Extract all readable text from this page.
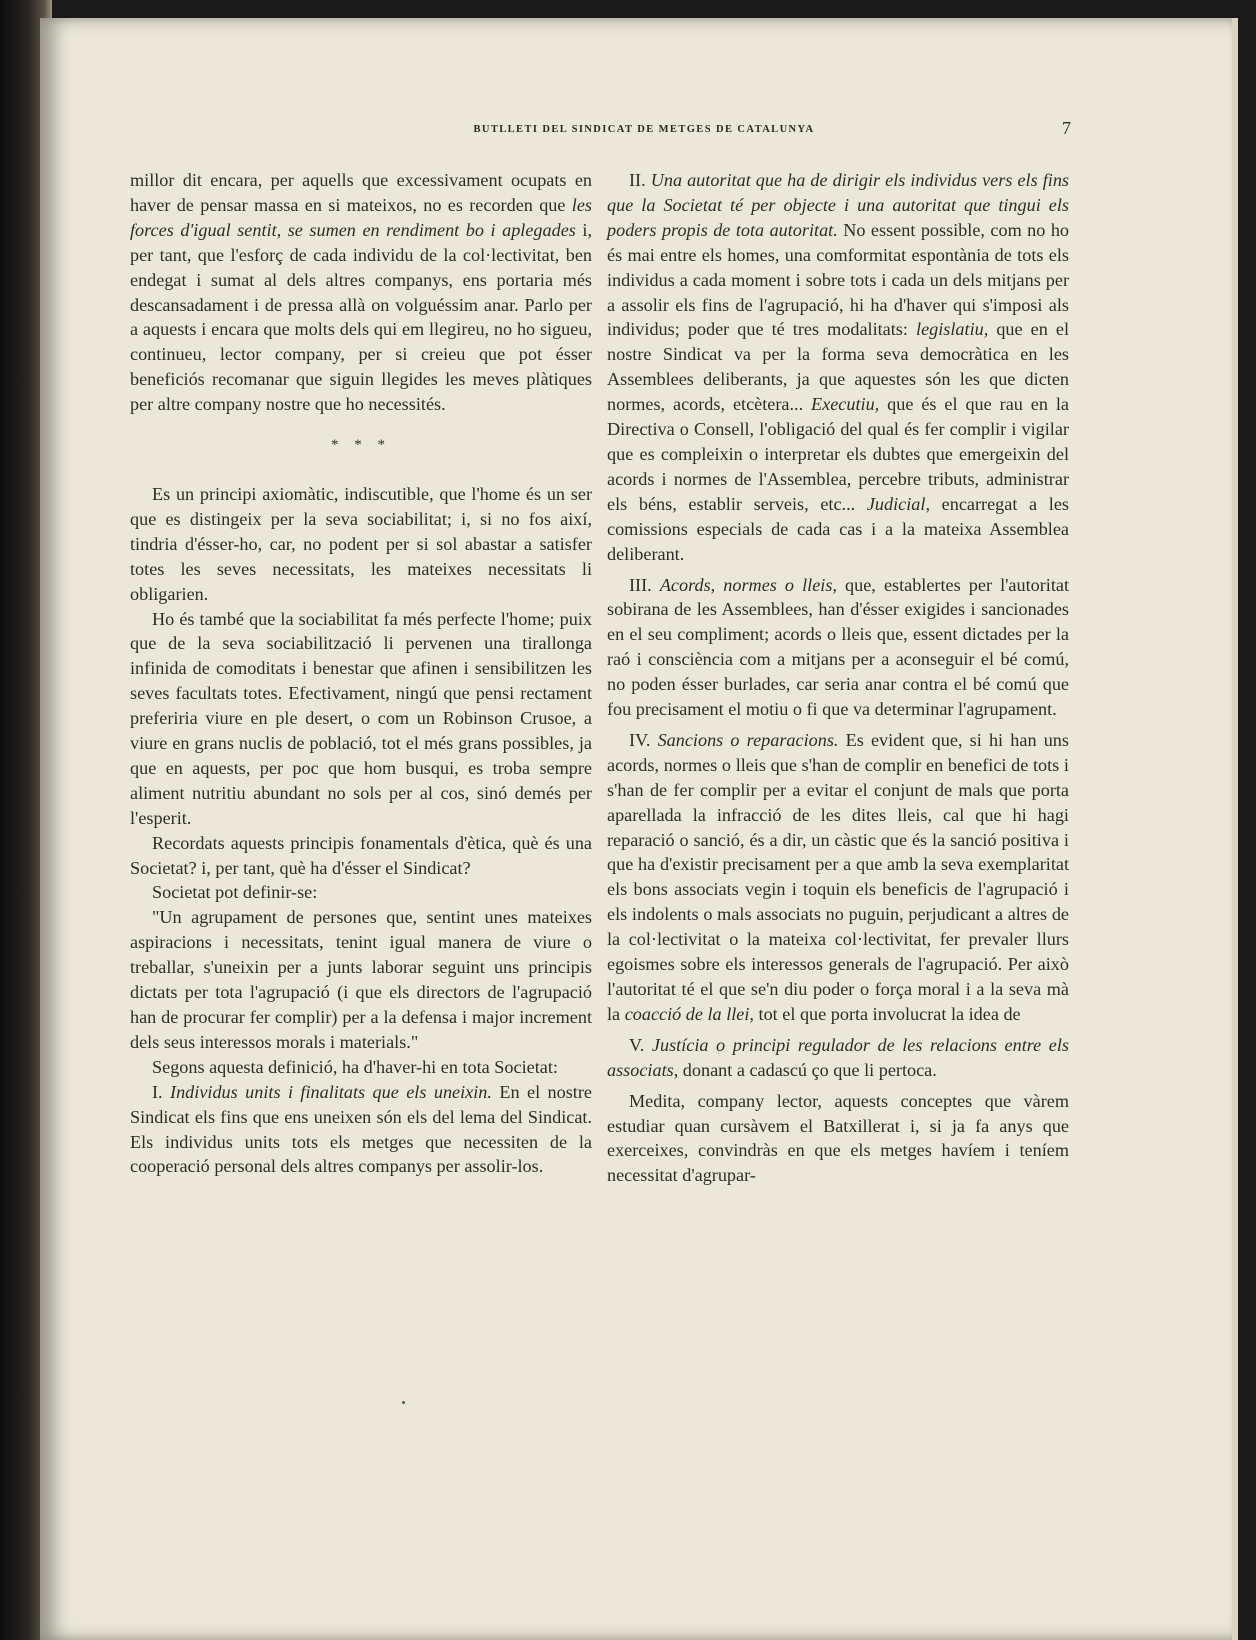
BUTLLETI DEL SINDICAT DE METGES DE CATALUNYA	7

millor dit encara, per aquells que excessivament ocupats en haver de pensar massa en si mateixos, no es recorden que les forces d'igual sentit, se sumen en rendiment bo i aplegades i, per tant, que l'esforç de cada individu de la col·lectivitat, ben endegat i sumat al dels altres companys, ens portaria més descansadament i de pressa allà on volguéssim anar. Parlo per a aquests i encara que molts dels qui em llegireu, no ho sigueu, continueu, lector company, per si creieu que pot ésser beneficiós recomanar que siguin llegides les meves plàtiques per altre company nostre que ho necessités.

* * *

Es un principi axiomàtic, indiscutible, que l'home és un ser que es distingeix per la seva sociabilitat; i, si no fos així, tindria d'ésser-ho, car, no podent per si sol abastar a satisfer totes les seves necessitats, les mateixes necessitats li obligarien.

Ho és també que la sociabilitat fa més perfecte l'home; puix que de la seva sociabilització li pervenen una tirallonga infinida de comoditats i benestar que afinen i sensibilitzen les seves facultats totes. Efectivament, ningú que pensi rectament preferiria viure en ple desert, o com un Robinson Crusoe, a viure en grans nuclis de població, tot el més grans possibles, ja que en aquests, per poc que hom busqui, es troba sempre aliment nutritiu abundant no sols per al cos, sinó demés per l'esperit.

Recordats aquests principis fonamentals d'ètica, què és una Societat? i, per tant, què ha d'ésser el Sindicat?

Societat pot definir-se:

"Un agrupament de persones que, sentint unes mateixes aspiracions i necessitats, tenint igual manera de viure o treballar, s'uneixin per a junts laborar seguint uns principis dictats per tota l'agrupació (i que els directors de l'agrupació han de procurar fer complir) per a la defensa i major increment dels seus interessos morals i materials."

Segons aquesta definició, ha d'haver-hi en tota Societat:

I. Individus units i finalitats que els uneixin. En el nostre Sindicat els fins que ens uneixen són els del lema del Sindicat. Els individus units tots els metges que necessiten de la cooperació personal dels altres companys per assolir-los.

II. Una autoritat que ha de dirigir els individus vers els fins que la Societat té per objecte i una autoritat que tingui els poders propis de tota autoritat. No essent possible, com no ho és mai entre els homes, una comformitat espontània de tots els individus a cada moment i sobre tots i cada un dels mitjans per a assolir els fins de l'agrupació, hi ha d'haver qui s'imposi als individus; poder que té tres modalitats: legislatiu, que en el nostre Sindicat va per la forma seva democràtica en les Assemblees deliberants, ja que aquestes són les que dicten normes, acords, etcètera... Executiu, que és el que rau en la Directiva o Consell, l'obligació del qual és fer complir i vigilar que es compleixin o interpretar els dubtes que emergeixin del acords i normes de l'Assemblea, percebre tributs, administrar els béns, establir serveis, etc... Judicial, encarregat a les comissions especials de cada cas i a la mateixa Assemblea deliberant.

III. Acords, normes o lleis, que, establertes per l'autoritat sobirana de les Assemblees, han d'ésser exigides i sancionades en el seu compliment; acords o lleis que, essent dictades per la raó i consciència com a mitjans per a aconseguir el bé comú, no poden ésser burlades, car seria anar contra el bé comú que fou precisament el motiu o fi que va determinar l'agrupament.

IV. Sancions o reparacions. Es evident que, si hi han uns acords, normes o lleis que s'han de complir en benefici de tots i s'han de fer complir per a evitar el conjunt de mals que porta aparellada la infracció de les dites lleis, cal que hi hagi reparació o sanció, és a dir, un càstic que és la sanció positiva i que ha d'existir precisament per a que amb la seva exemplaritat els bons associats vegin i toquin els beneficis de l'agrupació i els indolents o mals associats no puguin, perjudicant a altres de la col·lectivitat o la mateixa col·lectivitat, fer prevaler llurs egoismes sobre els interessos generals de l'agrupació. Per això l'autoritat té el que se'n diu poder o força moral i a la seva mà la coacció de la llei, tot el que porta involucrat la idea de

V. Justícia o principi regulador de les relacions entre els associats, donant a cadascú ço que li pertoca.

Medita, company lector, aquests conceptes que vàrem estudiar quan cursàvem el Batxillerat i, si ja fa anys que exerceixes, convindràs en que els metges havíem i teníem necessitat d'agrupar-
